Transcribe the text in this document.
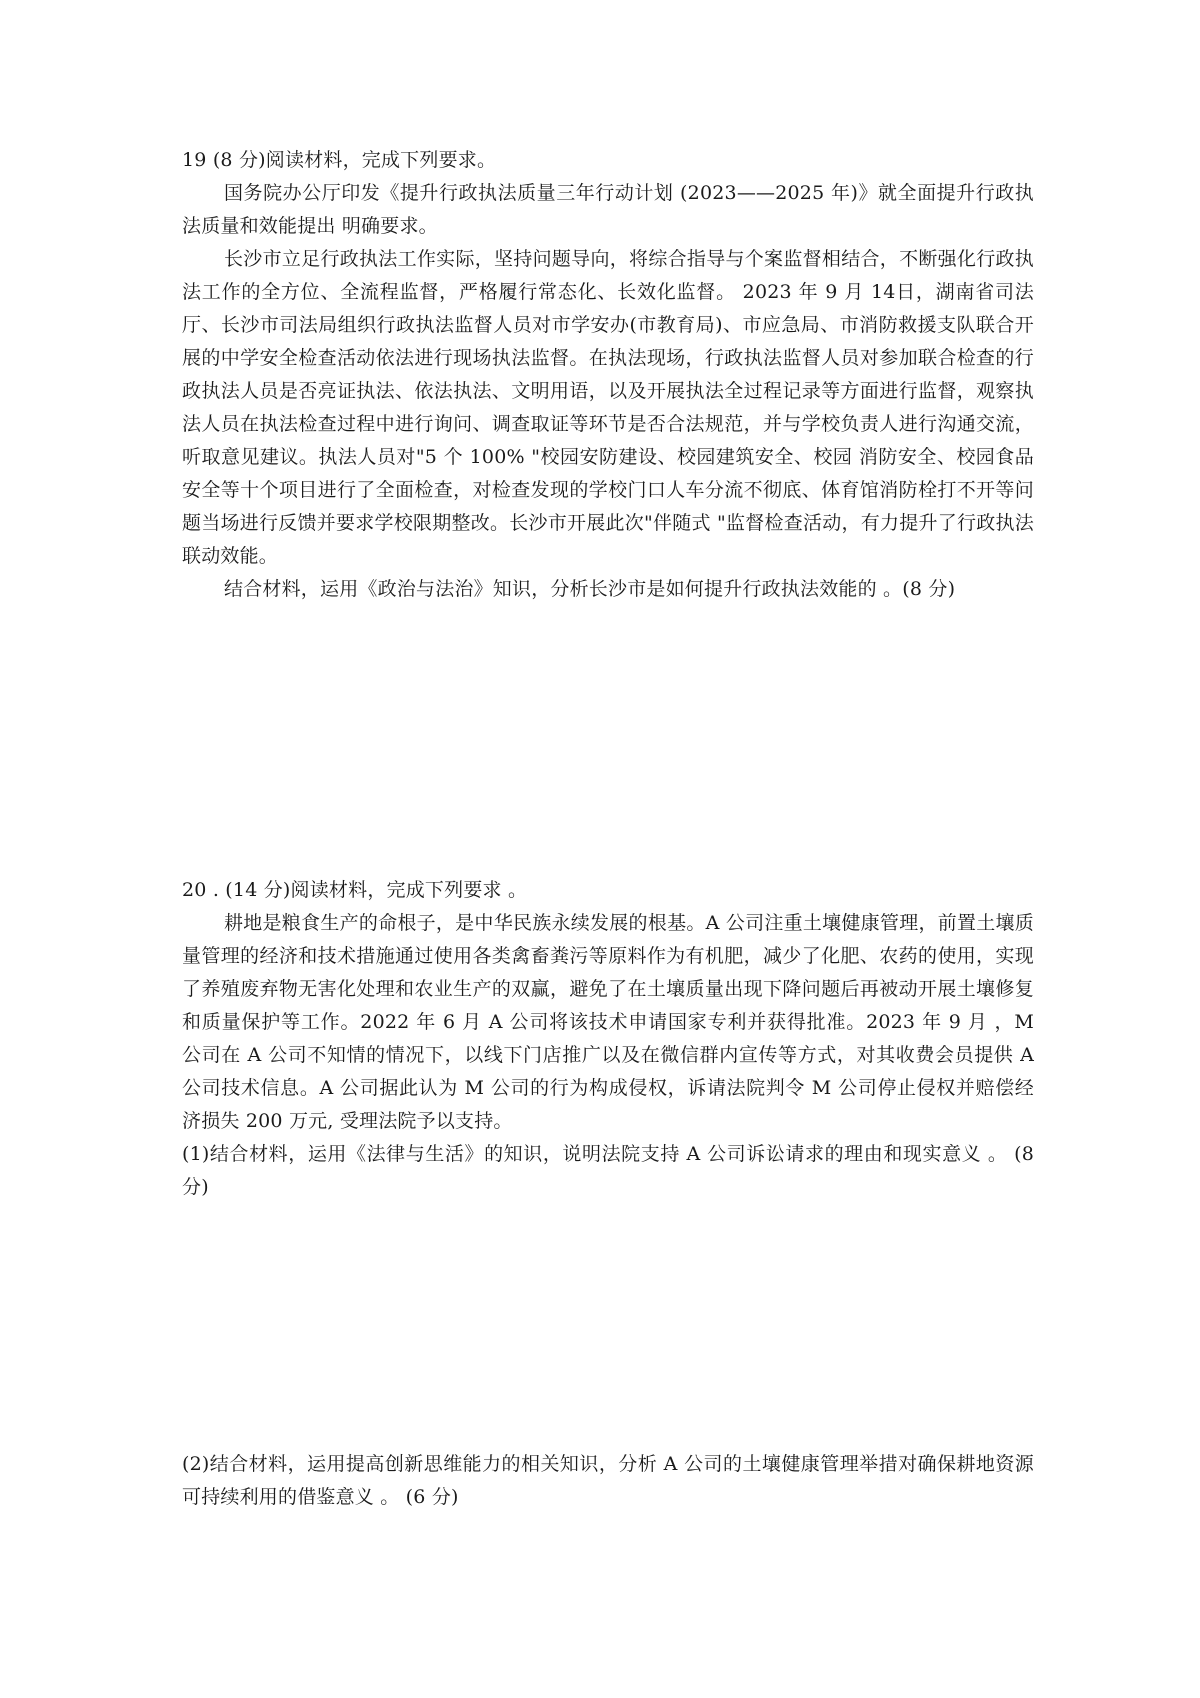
19 (8 分)阅读材料，完成下列要求。

国务院办公厅印发《提升行政执法质量三年行动计划 (2023——2025 年)》就全面提升行政执法质量和效能提出 明确要求。

长沙市立足行政执法工作实际，坚持问题导向，将综合指导与个案监督相结合，不断强化行政执法工作的全方位、全流程监督，严格履行常态化、长效化监督。 2023 年 9 月 14日，湖南省司法厅、长沙市司法局组织行政执法监督人员对市学安办(市教育局)、市应急局、市消防救援支队联合开展的中学安全检查活动依法进行现场执法监督。在执法现场，行政执法监督人员对参加联合检查的行政执法人员是否亮证执法、依法执法、文明用语，以及开展执法全过程记录等方面进行监督，观察执法人员在执法检查过程中进行询问、调查取证等环节是否合法规范，并与学校负责人进行沟通交流，听取意见建议。执法人员对"5 个 100% "校园安防建设、校园建筑安全、校园 消防安全、校园食品安全等十个项目进行了全面检查，对检查发现的学校门口人车分流不彻底、体育馆消防栓打不开等问题当场进行反馈并要求学校限期整改。长沙市开展此次"伴随式 "监督检查活动，有力提升了行政执法联动效能。

结合材料，运用《政治与法治》知识，分析长沙市是如何提升行政执法效能的 。(8 分)

20 . (14 分)阅读材料，完成下列要求 。

耕地是粮食生产的命根子，是中华民族永续发展的根基。A 公司注重土壤健康管理，前置土壤质量管理的经济和技术措施通过使用各类禽畜粪污等原料作为有机肥，减少了化肥、农药的使用，实现了养殖废弃物无害化处理和农业生产的双赢，避免了在土壤质量出现下降问题后再被动开展土壤修复和质量保护等工作。2022 年 6 月 A 公司将该技术申请国家专利并获得批准。2023 年 9 月 ，M 公司在 A 公司不知情的情况下，以线下门店推广以及在微信群内宣传等方式，对其收费会员提供 A 公司技术信息。A 公司据此认为 M 公司的行为构成侵权，诉请法院判令 M 公司停止侵权并赔偿经济损失 200 万元, 受理法院予以支持。

(1)结合材料，运用《法律与生活》的知识，说明法院支持 A 公司诉讼请求的理由和现实意义 。 (8 分)

(2)结合材料，运用提高创新思维能力的相关知识，分析 A 公司的土壤健康管理举措对确保耕地资源可持续利用的借鉴意义 。 (6 分)
